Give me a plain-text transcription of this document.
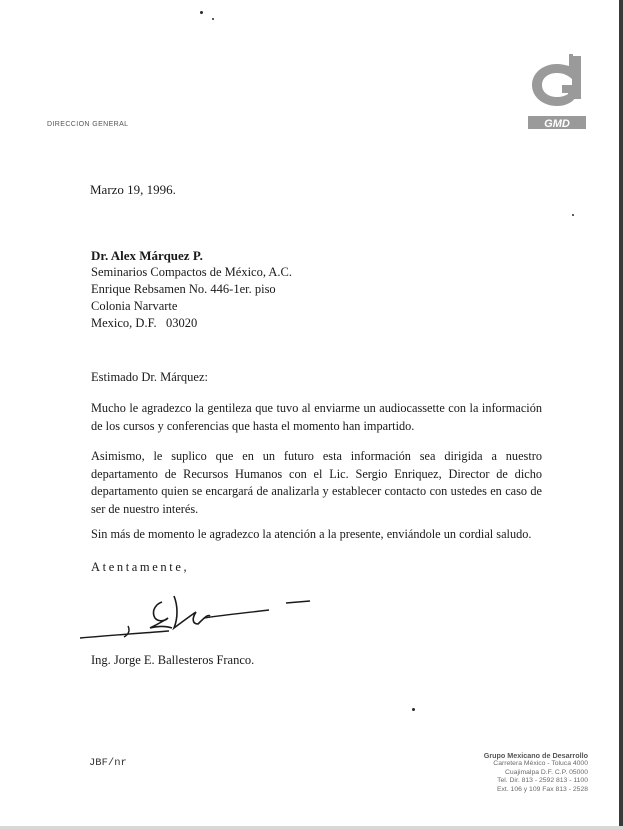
GMD
DIRECCION GENERAL
Marzo 19, 1996.
Dr. Alex Márquez P.
Seminarios Compactos de México, A.C.
Enrique Rebsamen No. 446-1er. piso
Colonia Narvarte
Mexico, D.F.   03020
Estimado Dr. Márquez:

Mucho le agradezco la gentileza que tuvo al enviarme un audiocassette con la información de los cursos y conferencias que hasta el momento han impartido.

Asimismo, le suplico que en un futuro esta información sea dirigida a nuestro departamento de Recursos Humanos con el Lic. Sergio Enriquez, Director de dicho departamento quien se encargará de analizarla y establecer contacto con ustedes en caso de ser de nuestro interés.

Sin más de momento le agradezco la atención a la presente, enviándole un cordial saludo.

Atentamente,
Ing. Jorge E. Ballesteros Franco.
JBF/nr
Grupo Mexicano de Desarrollo
Carretera México - Toluca 4000
Cuajimalpa D.F. C.P. 05000
Tel. Dir. 813 - 2592 813 - 1100
Ext. 106 y 109 Fax 813 - 2528
